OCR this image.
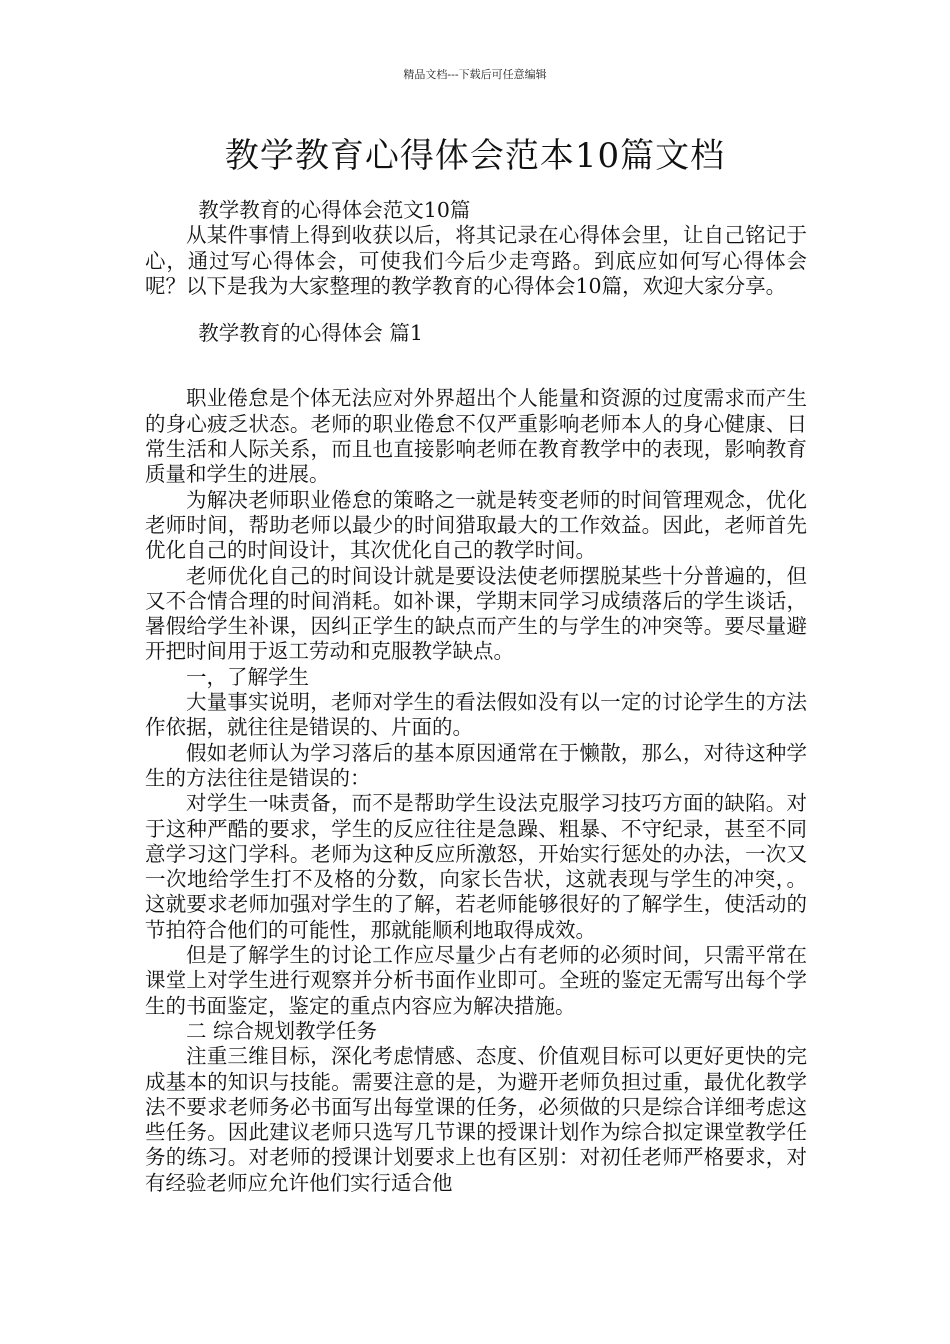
精品文档---下载后可任意编辑
教学教育心得体会范本10篇文档

教学教育的心得体会范文10篇

从某件事情上得到收获以后，将其记录在心得体会里，让自己铭记于心，通过写心得体会，可使我们今后少走弯路。到底应如何写心得体会呢？以下是我为大家整理的教学教育的心得体会10篇，欢迎大家分享。

教学教育的心得体会 篇1

职业倦怠是个体无法应对外界超出个人能量和资源的过度需求而产生的身心疲乏状态。老师的职业倦怠不仅严重影响老师本人的身心健康、日常生活和人际关系，而且也直接影响老师在教育教学中的表现，影响教育质量和学生的进展。

为解决老师职业倦怠的策略之一就是转变老师的时间管理观念，优化老师时间，帮助老师以最少的时间猎取最大的工作效益。因此，老师首先优化自己的时间设计，其次优化自己的教学时间。

老师优化自己的时间设计就是要设法使老师摆脱某些十分普遍的，但又不合情合理的时间消耗。如补课，学期末同学习成绩落后的学生谈话，暑假给学生补课，因纠正学生的缺点而产生的与学生的冲突等。要尽量避开把时间用于返工劳动和克服教学缺点。

一，了解学生

大量事实说明，老师对学生的看法假如没有以一定的讨论学生的方法作依据，就往往是错误的、片面的。

假如老师认为学习落后的基本原因通常在于懒散，那么，对待这种学生的方法往往是错误的：

对学生一味责备，而不是帮助学生设法克服学习技巧方面的缺陷。对于这种严酷的要求，学生的反应往往是急躁、粗暴、不守纪录，甚至不同意学习这门学科。老师为这种反应所激怒，开始实行惩处的办法，一次又一次地给学生打不及格的分数，向家长告状，这就表现与学生的冲突，。这就要求老师加强对学生的了解，若老师能够很好的了解学生，使活动的节拍符合他们的可能性，那就能顺利地取得成效。

但是了解学生的讨论工作应尽量少占有老师的必须时间，只需平常在课堂上对学生进行观察并分析书面作业即可。全班的鉴定无需写出每个学生的书面鉴定，鉴定的重点内容应为解决措施。

二 综合规划教学任务

注重三维目标，深化考虑情感、态度、价值观目标可以更好更快的完成基本的知识与技能。需要注意的是，为避开老师负担过重，最优化教学法不要求老师务必书面写出每堂课的任务，必须做的只是综合详细考虑这些任务。因此建议老师只选写几节课的授课计划作为综合拟定课堂教学任务的练习。对老师的授课计划要求上也有区别：对初任老师严格要求，对有经验老师应允许他们实行适合他
